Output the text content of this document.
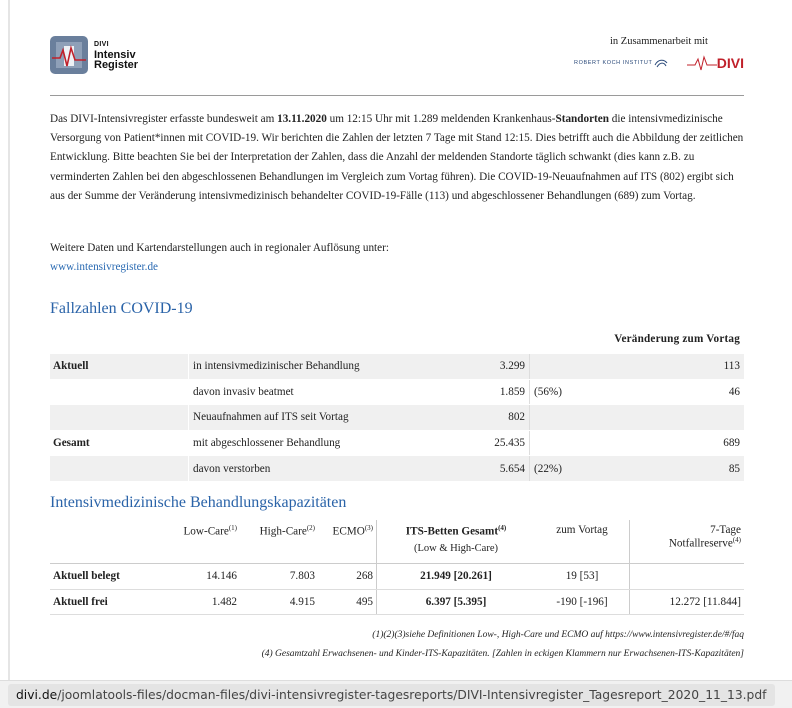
DIVI
Intensiv
Register
in Zusammenarbeit mit
ROBERT KOCH INSTITUT	DIVI
Das DIVI-Intensivregister erfasste bundesweit am 13.11.2020 um 12:15 Uhr mit 1.289 meldenden Krankenhaus-Standorten die intensivmedizinische Versorgung von Patient*innen mit COVID-19. Wir berichten die Zahlen der letzten 7 Tage mit Stand 12:15. Dies betrifft auch die Abbildung der zeitlichen Entwicklung. Bitte beachten Sie bei der Interpretation der Zahlen, dass die Anzahl der meldenden Standorte täglich schwankt (dies kann z.B. zu verminderten Zahlen bei den abgeschlossenen Behandlungen im Vergleich zum Vortag führen). Die COVID-19-Neuaufnahmen auf ITS (802) ergibt sich aus der Summe der Veränderung intensivmedizinisch behandelter COVID-19-Fälle (113) und abgeschlossener Behandlungen (689) zum Vortag.
Weitere Daten und Kartendarstellungen auch in regionaler Auflösung unter:
www.intensivregister.de
Fallzahlen COVID-19
Veränderung zum Vortag
Aktuell	in intensivmedizinischer Behandlung	3.299	113
davon invasiv beatmet	1.859 (56%)	46
Neuaufnahmen auf ITS seit Vortag	802
Gesamt	mit abgeschlossener Behandlung	25.435	689
davon verstorben	5.654 (22%)	85
Intensivmedizinische Behandlungskapazitäten
Low-Care$^{(1)}$	High-Care$^{(2)}$	ECMO$^{(3)}$	ITS-Betten Gesamt$^{(4)}$
(Low & High-Care)
zum Vortag	7-Tage
Notfallreserve$^{(4)}$
Aktuell belegt	14.146	7.803	268	21.949 [20.261]	19 [53]
Aktuell frei	1.482	4.915	495	6.397 [5.395]	-190 [-196]	12.272 [11.844]
(1)(2)(3)siehe Definitionen Low-, High-Care und ECMO auf https://www.intensivregister.de/#/faq
(4) Gesamtzahl Erwachsenen- und Kinder-ITS-Kapazitäten. [Zahlen in eckigen Klammern nur Erwachsenen-ITS-Kapazitäten]
divi.de /joomlatools-files/docman-files/divi-intensivregister-tagesreports/DIVI-Intensivregister_Tagesreport_2020_11_13.pdf
